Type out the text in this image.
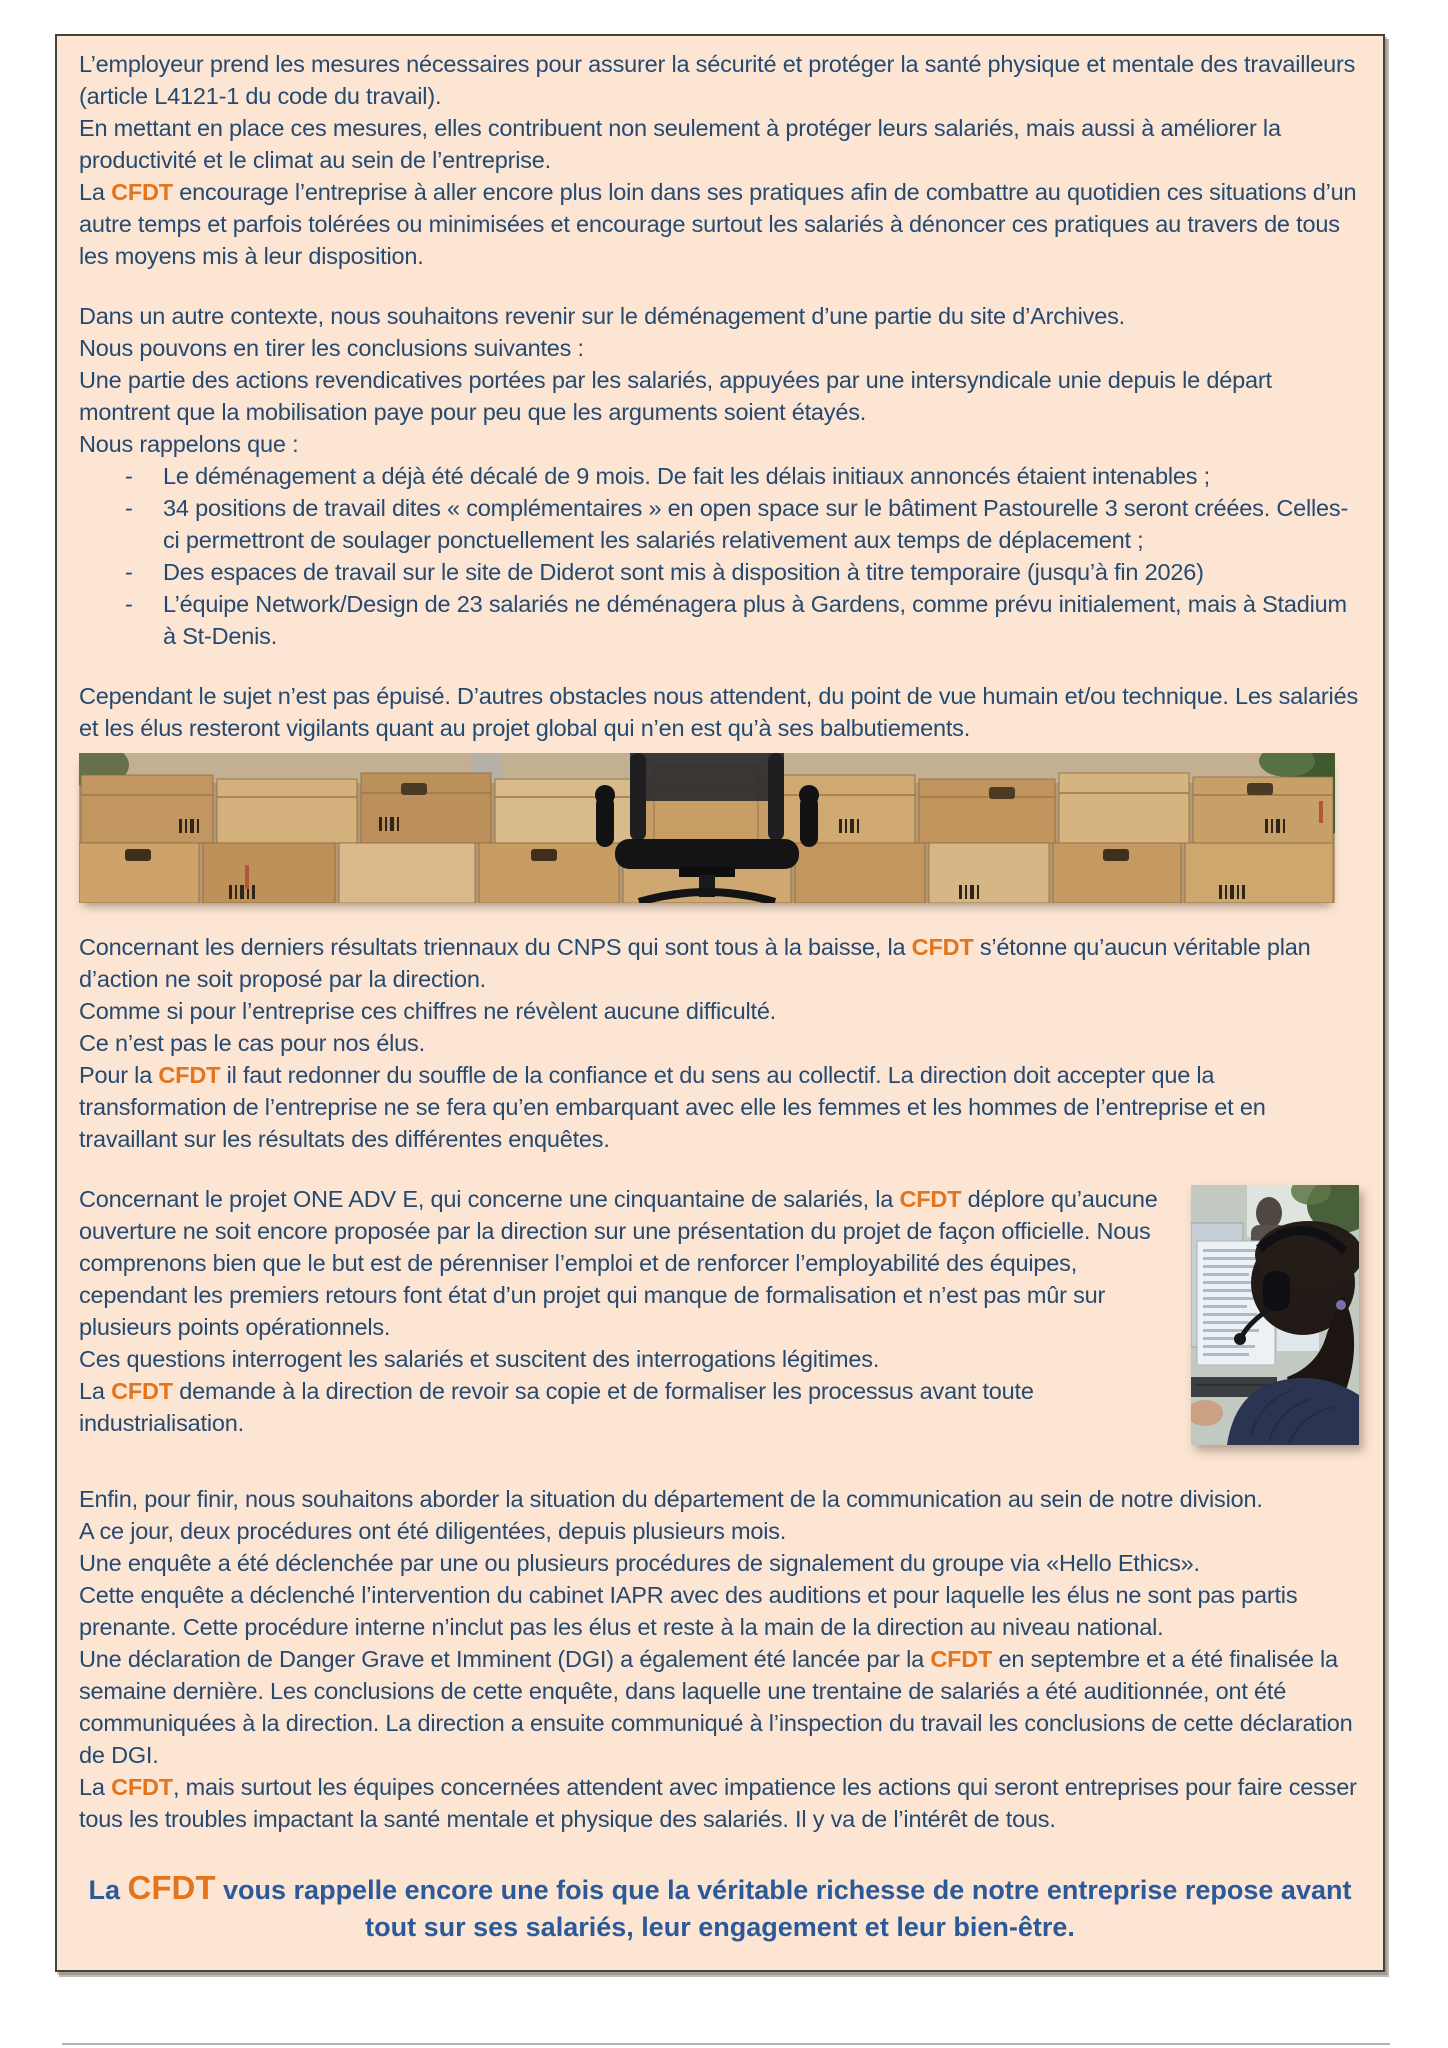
L’employeur prend les mesures nécessaires pour assurer la sécurité et protéger la santé physique et mentale des travailleurs (article L4121-1 du code du travail).

En mettant en place ces mesures, elles contribuent non seulement à protéger leurs salariés, mais aussi à améliorer la productivité et le climat au sein de l’entreprise.

La CFDT encourage l’entreprise à aller encore plus loin dans ses pratiques afin de combattre au quotidien ces situations d’un autre temps et parfois tolérées ou minimisées et encourage surtout les salariés à dénoncer ces pratiques au travers de tous les moyens mis à leur disposition.

Dans un autre contexte, nous souhaitons revenir sur le déménagement d’une partie du site d’Archives.

Nous pouvons en tirer les conclusions suivantes :

Une partie des actions revendicatives portées par les salariés, appuyées par une intersyndicale unie depuis le départ montrent que la mobilisation paye pour peu que les arguments soient étayés.

Nous rappelons que :

- Le déménagement a déjà été décalé de 9 mois. De fait les délais initiaux annoncés étaient intenables ;
- 34 positions de travail dites « complémentaires » en open space sur le bâtiment Pastourelle 3 seront créées. Celles-ci permettront de soulager ponctuellement les salariés relativement aux temps de déplacement ;
- Des espaces de travail sur le site de Diderot sont mis à disposition à titre temporaire (jusqu’à fin 2026)
- L’équipe Network/Design de 23 salariés ne déménagera plus à Gardens, comme prévu initialement, mais à Stadium à St-Denis.

Cependant le sujet n’est pas épuisé. D’autres obstacles nous attendent, du point de vue humain et/ou technique. Les salariés et les élus resteront vigilants quant au projet global qui n’en est qu’à ses balbutiements.

Concernant les derniers résultats triennaux du CNPS qui sont tous à la baisse, la CFDT s’étonne qu’aucun véritable plan d’action ne soit proposé par la direction.

Comme si pour l’entreprise ces chiffres ne révèlent aucune difficulté.

Ce n’est pas le cas pour nos élus.

Pour la CFDT il faut redonner du souffle de la confiance et du sens au collectif. La direction doit accepter que la transformation de l’entreprise ne se fera qu’en embarquant avec elle les femmes et les hommes de l’entreprise et en travaillant sur les résultats des différentes enquêtes.

Concernant le projet ONE ADV E, qui concerne une cinquantaine de salariés, la CFDT déplore qu’aucune ouverture ne soit encore proposée par la direction sur une présentation du projet de façon officielle. Nous comprenons bien que le but est de pérenniser l’emploi et de renforcer l’employabilité des équipes, cependant les premiers retours font état d’un projet qui manque de formalisation et n’est pas mûr sur plusieurs points opérationnels.

Ces questions interrogent les salariés et suscitent des interrogations légitimes.

La CFDT demande à la direction de revoir sa copie et de formaliser les processus avant toute industrialisation.

Enfin, pour finir, nous souhaitons aborder la situation du département de la communication au sein de notre division.

A ce jour, deux procédures ont été diligentées, depuis plusieurs mois.

Une enquête a été déclenchée par une ou plusieurs procédures de signalement du groupe via «Hello Ethics».

Cette enquête a déclenché l’intervention du cabinet IAPR avec des auditions et pour laquelle les élus ne sont pas partis prenante. Cette procédure interne n’inclut pas les élus et reste à la main de la direction au niveau national.

Une déclaration de Danger Grave et Imminent (DGI) a également été lancée par la CFDT en septembre et a été finalisée la semaine dernière. Les conclusions de cette enquête, dans laquelle une trentaine de salariés a été auditionnée, ont été communiquées à la direction. La direction a ensuite communiqué à l’inspection du travail les conclusions de cette déclaration de DGI.

La CFDT, mais surtout les équipes concernées attendent avec impatience les actions qui seront entreprises pour faire cesser tous les troubles impactant la santé mentale et physique des salariés. Il y va de l’intérêt de tous.

La CFDT vous rappelle encore une fois que la véritable richesse de notre entreprise repose avant tout sur ses salariés, leur engagement et leur bien-être.
